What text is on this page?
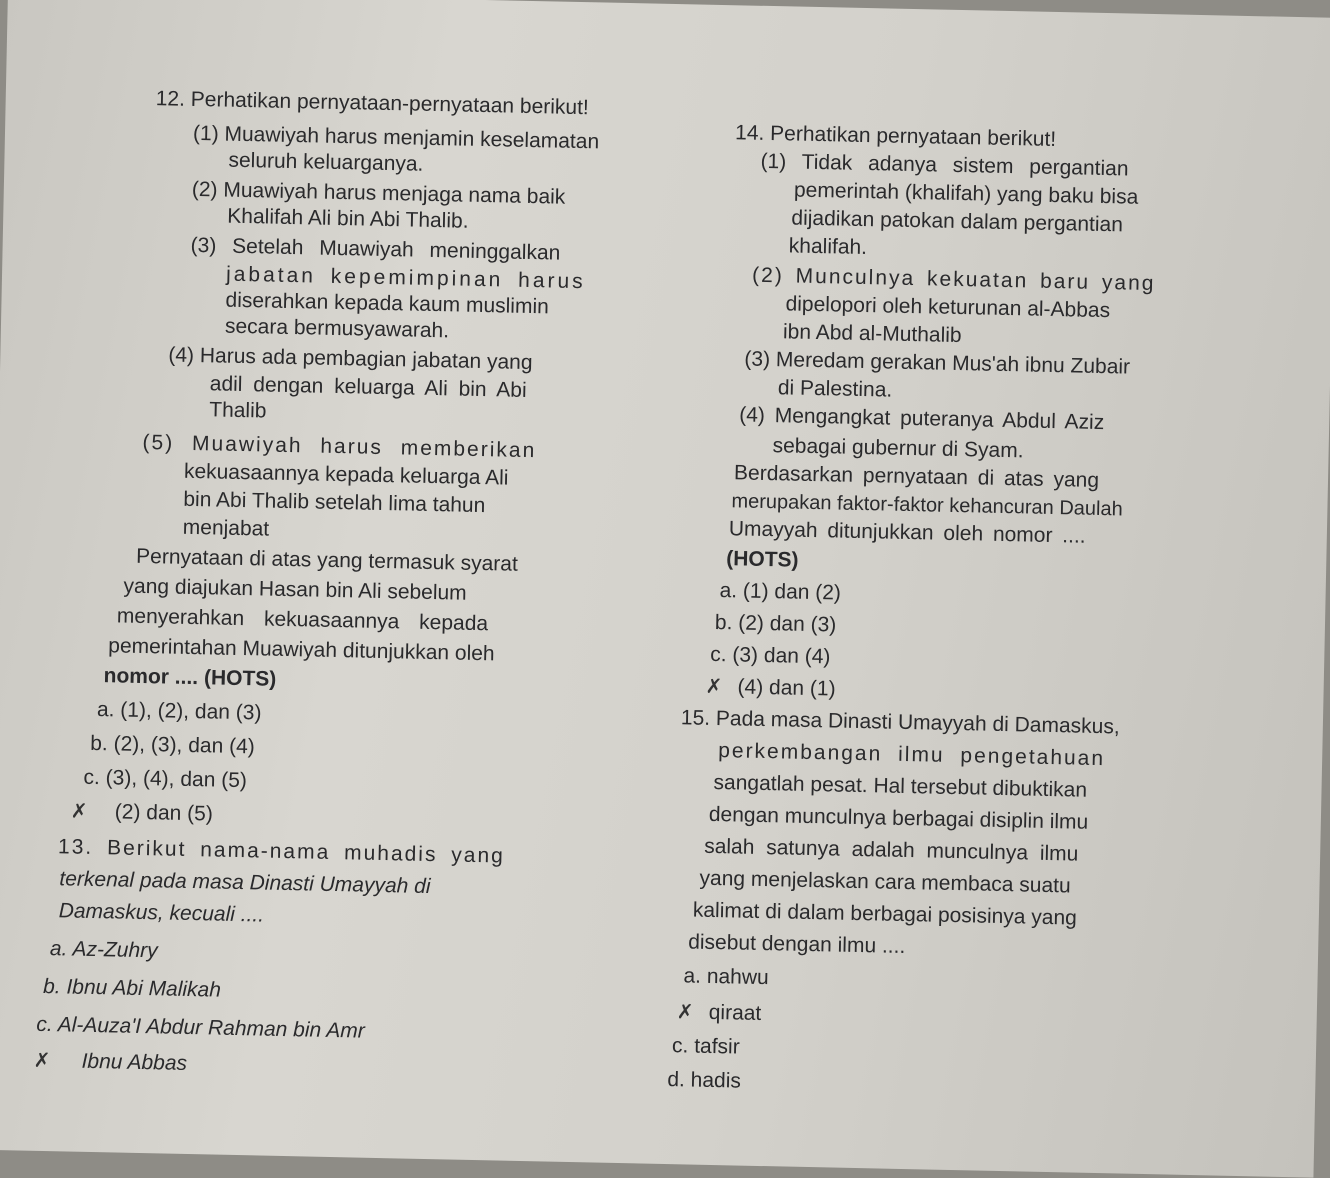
12. Perhatikan pernyataan-pernyataan berikut!
(1) Muawiyah harus menjamin keselamatan
seluruh keluarganya.
(2) Muawiyah harus menjaga nama baik
Khalifah Ali bin Abi Thalib.
(3) Setelah Muawiyah meninggalkan
jabatan kepemimpinan harus
diserahkan kepada kaum muslimin
secara bermusyawarah.
(4) Harus ada pembagian jabatan yang
adil dengan keluarga Ali bin Abi
Thalib
(5) Muawiyah harus memberikan
kekuasaannya kepada keluarga Ali
bin Abi Thalib setelah lima tahun
menjabat
Pernyataan di atas yang termasuk syarat
yang diajukan Hasan bin Ali sebelum
menyerahkan kekuasaannya kepada
pemerintahan Muawiyah ditunjukkan oleh
nomor .... (HOTS)
a. (1), (2), dan (3)
b. (2), (3), dan (4)
c. (3), (4), dan (5)
✗ (2) dan (5)
13. Berikut nama-nama muhadis yang
terkenal pada masa Dinasti Umayyah di
Damaskus, kecuali ....
a. Az-Zuhry
b. Ibnu Abi Malikah
c. Al-Auza'I Abdur Rahman bin Amr
✗ Ibnu Abbas
14. Perhatikan pernyataan berikut!
(1) Tidak adanya sistem pergantian
pemerintah (khalifah) yang baku bisa
dijadikan patokan dalam pergantian
khalifah.
(2) Munculnya kekuatan baru yang
dipelopori oleh keturunan al-Abbas
ibn Abd al-Muthalib
(3) Meredam gerakan Mus'ah ibnu Zubair
di Palestina.
(4) Mengangkat puteranya Abdul Aziz
sebagai gubernur di Syam.
Berdasarkan pernyataan di atas yang
merupakan faktor-faktor kehancuran Daulah
Umayyah ditunjukkan oleh nomor ....
(HOTS)
a. (1) dan (2)
b. (2) dan (3)
c. (3) dan (4)
✗ (4) dan (1)
15. Pada masa Dinasti Umayyah di Damaskus,
perkembangan ilmu pengetahuan
sangatlah pesat. Hal tersebut dibuktikan
dengan munculnya berbagai disiplin ilmu
salah satunya adalah munculnya ilmu
yang menjelaskan cara membaca suatu
kalimat di dalam berbagai posisinya yang
disebut dengan ilmu ....
a. nahwu
✗ qiraat
c. tafsir
d. hadis
